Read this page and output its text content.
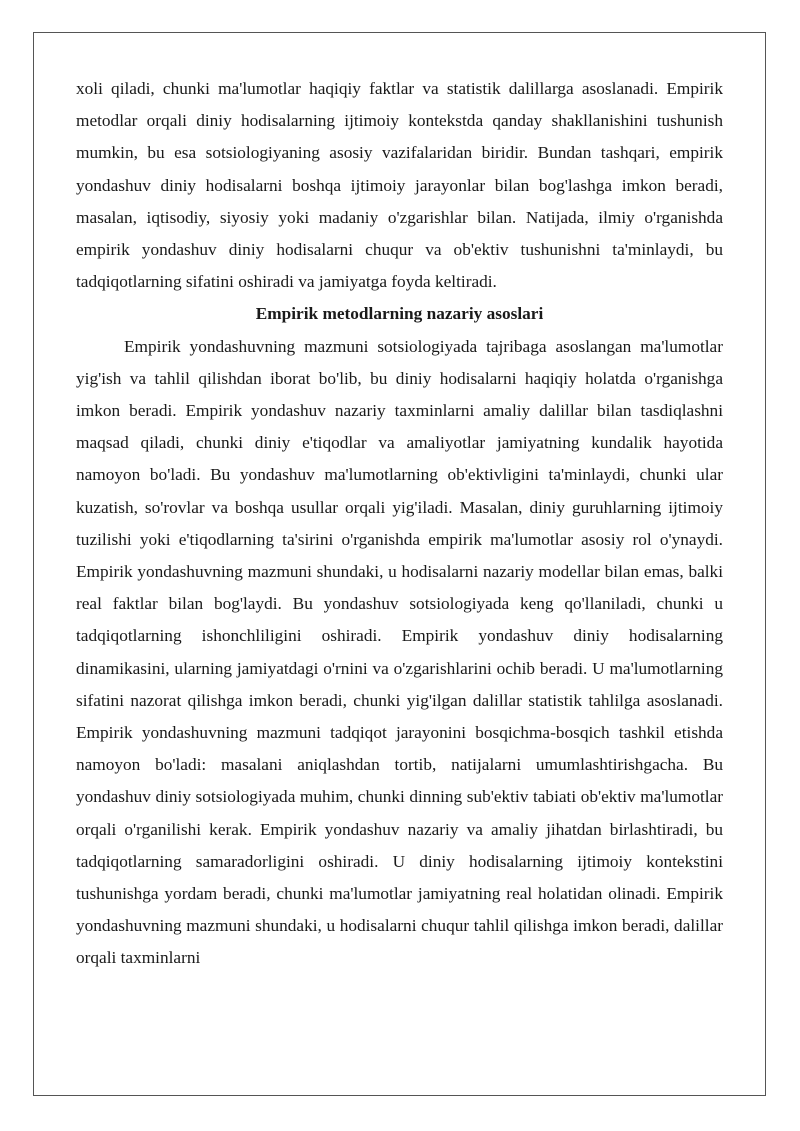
xoli qiladi, chunki ma'lumotlar haqiqiy faktlar va statistik dalillarga asoslanadi. Empirik metodlar orqali diniy hodisalarning ijtimoiy kontekstda qanday shakllanishini tushunish mumkin, bu esa sotsiologiyaning asosiy vazifalaridan biridir. Bundan tashqari, empirik yondashuv diniy hodisalarni boshqa ijtimoiy jarayonlar bilan bog'lashga imkon beradi, masalan, iqtisodiy, siyosiy yoki madaniy o'zgarishlar bilan. Natijada, ilmiy o'rganishda empirik yondashuv diniy hodisalarni chuqur va ob'ektiv tushunishni ta'minlaydi, bu tadqiqotlarning sifatini oshiradi va jamiyatga foyda keltiradi.

Empirik metodlarning nazariy asoslari

Empirik yondashuvning mazmuni sotsiologiyada tajribaga asoslangan ma'lumotlar yig'ish va tahlil qilishdan iborat bo'lib, bu diniy hodisalarni haqiqiy holatda o'rganishga imkon beradi. Empirik yondashuv nazariy taxminlarni amaliy dalillar bilan tasdiqlashni maqsad qiladi, chunki diniy e'tiqodlar va amaliyotlar jamiyatning kundalik hayotida namoyon bo'ladi. Bu yondashuv ma'lumotlarning ob'ektivligini ta'minlaydi, chunki ular kuzatish, so'rovlar va boshqa usullar orqali yig'iladi. Masalan, diniy guruhlarning ijtimoiy tuzilishi yoki e'tiqodlarning ta'sirini o'rganishda empirik ma'lumotlar asosiy rol o'ynaydi. Empirik yondashuvning mazmuni shundaki, u hodisalarni nazariy modellar bilan emas, balki real faktlar bilan bog'laydi. Bu yondashuv sotsiologiyada keng qo'llaniladi, chunki u tadqiqotlarning ishonchliligini oshiradi. Empirik yondashuv diniy hodisalarning dinamikasini, ularning jamiyatdagi o'rnini va o'zgarishlarini ochib beradi. U ma'lumotlarning sifatini nazorat qilishga imkon beradi, chunki yig'ilgan dalillar statistik tahlilga asoslanadi. Empirik yondashuvning mazmuni tadqiqot jarayonini bosqichma-bosqich tashkil etishda namoyon bo'ladi: masalani aniqlashdan tortib, natijalarni umumlashtirishgacha. Bu yondashuv diniy sotsiologiyada muhim, chunki dinning sub'ektiv tabiati ob'ektiv ma'lumotlar orqali o'rganilishi kerak. Empirik yondashuv nazariy va amaliy jihatdan birlashtiradi, bu tadqiqotlarning samaradorligini oshiradi. U diniy hodisalarning ijtimoiy kontekstini tushunishga yordam beradi, chunki ma'lumotlar jamiyatning real holatidan olinadi. Empirik yondashuvning mazmuni shundaki, u hodisalarni chuqur tahlil qilishga imkon beradi, dalillar orqali taxminlarni
